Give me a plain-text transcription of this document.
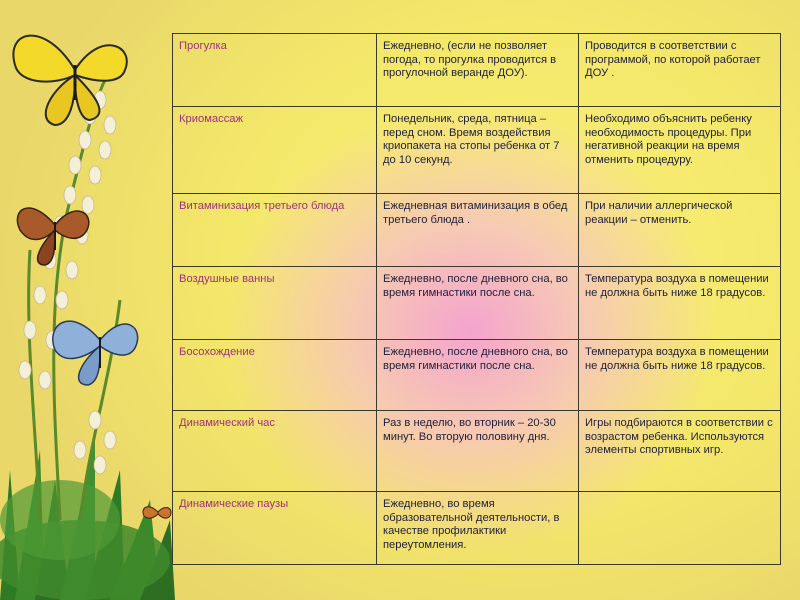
Прогулка	Ежедневно, (если не позволяет погода, то прогулка проводится в прогулочной веранде ДОУ).	Проводится в соответствии с программой, по которой работает ДОУ .
Криомассаж	Понедельник, среда, пятница – перед сном. Время воздействия криопакета на стопы ребенка от 7 до 10 секунд.	Необходимо объяснить ребенку необходимость процедуры. При негативной реакции на время отменить процедуру.
Витаминизация третьего блюда	Ежедневная витаминизация в обед третьего блюда .	При наличии аллергической реакции – отменить.
Воздушные ванны	Ежедневно, после дневного сна, во время гимнастики после сна.	Температура воздуха в помещении не должна быть ниже 18 градусов.
Босохождение	Ежедневно, после дневного сна, во время гимнастики после сна.	Температура воздуха в помещении не должна быть ниже 18 градусов.
Динамический час	Раз в неделю, во вторник – 20-30 минут. Во вторую половину дня.	Игры подбираются в соответствии с возрастом ребенка. Используются элементы спортивных игр.
Динамические паузы	Ежедневно, во время образовательной деятельности, в качестве профилактики переутомления.	
